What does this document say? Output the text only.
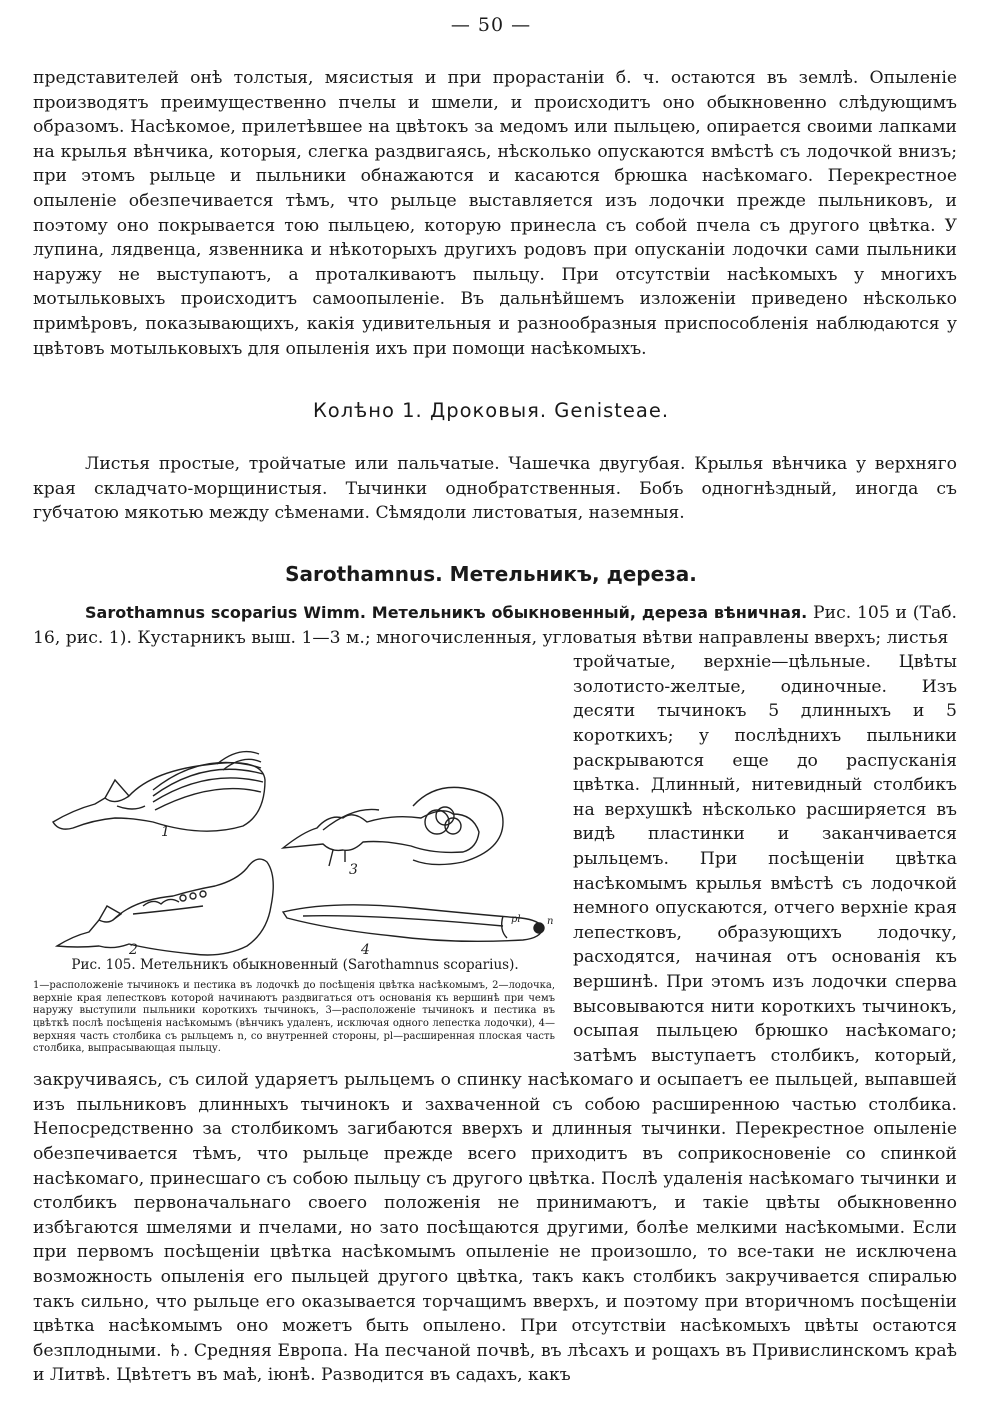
— 50 —

представителей онѣ толстыя, мясистыя и при прорастаніи б. ч. остаются въ землѣ. Опыленіе производятъ преимущественно пчелы и шмели, и происходитъ оно обыкновенно слѣдующимъ образомъ. Насѣкомое, прилетѣвшее на цвѣтокъ за медомъ или пыльцею, опирается своими лапками на крылья вѣнчика, которыя, слегка раздвигаясь, нѣсколько опускаются вмѣстѣ съ лодочкой внизъ; при этомъ рыльце и пыльники обнажаются и касаются брюшка насѣкомаго. Перекрестное опыленіе обезпечивается тѣмъ, что рыльце выставляется изъ лодочки прежде пыльниковъ, и поэтому оно покрывается тою пыльцею, которую принесла съ собой пчела съ другого цвѣтка. У лупина, лядвенца, язвенника и нѣкоторыхъ другихъ родовъ при опусканіи лодочки сами пыльники наружу не выступаютъ, а проталкиваютъ пыльцу. При отсутствіи насѣкомыхъ у многихъ мотыльковыхъ происходитъ самоопыленіе. Въ дальнѣйшемъ изложеніи приведено нѣсколько примѣровъ, показывающихъ, какія удивительныя и разнообразныя приспособленія наблюдаются у цвѣтовъ мотыльковыхъ для опыленія ихъ при помощи насѣкомыхъ.

Колѣно 1. Дроковыя. Genisteae.

Листья простые, тройчатые или пальчатые. Чашечка двугубая. Крылья вѣнчика у верхняго края складчато-морщинистыя. Тычинки однобратственныя. Бобъ одногнѣздный, иногда съ губчатою мякотью между сѣменами. Сѣмядоли листоватыя, наземныя.

Sarothamnus. Метельникъ, дереза.

Sarothamnus scoparius Wimm. Метельникъ обыкновенный, дереза вѣничная. Рис. 105 и (Таб. 16, рис. 1). Кустарникъ выш. 1—3 м.; многочисленныя, угловатыя вѣтви направлены вверхъ; листья

1
3
2	4
pl	n
Рис. 105. Метельникъ обыкновенный (Sarothamnus scoparius).
1—расположеніе тычинокъ и пестика въ лодочкѣ до посѣщенія цвѣтка насѣкомымъ, 2—лодочка, верхніе края лепестковъ которой начинаютъ раздвигаться отъ основанія къ вершинѣ при чемъ наружу выступили пыльники короткихъ тычинокъ, 3—расположеніе тычинокъ и пестика въ цвѣткѣ послѣ посѣщенія насѣкомымъ (вѣнчикъ удаленъ, исключая одного лепестка лодочки), 4—верхняя часть столбика съ рыльцемъ n, со внутренней стороны, pl—расширенная плоская часть столбика, выпрасывающая пыльцу.

тройчатые, верхніе—цѣльные. Цвѣты золотисто-желтые, одиночные. Изъ десяти тычинокъ 5 длинныхъ и 5 короткихъ; у послѣднихъ пыльники раскрываются еще до распусканія цвѣтка. Длинный, нитевидный столбикъ на верхушкѣ нѣсколько расширяется въ видѣ пластинки и заканчивается рыльцемъ. При посѣщеніи цвѣтка насѣкомымъ крылья вмѣстѣ съ лодочкой немного опускаются, отчего верхніе края лепестковъ, образующихъ лодочку, расходятся, начиная отъ основанія къ вершинѣ. При этомъ изъ лодочки сперва высовываются нити короткихъ тычинокъ, осыпая пыльцею брюшко насѣкомаго; затѣмъ выступаетъ столбикъ, который, закручиваясь, съ силой ударяетъ рыльцемъ о спинку насѣкомаго и осыпаетъ ее пыльцей, выпавшей изъ пыльниковъ длинныхъ тычинокъ и захваченной съ собою расширенною частью столбика. Непосредственно за столбикомъ загибаются вверхъ и длинныя тычинки. Перекрестное опыленіе обезпечивается тѣмъ, что рыльце прежде всего приходитъ въ соприкосновеніе со спинкой насѣкомаго, принесшаго съ собою пыльцу съ другого цвѣтка. Послѣ удаленія насѣкомаго тычинки и столбикъ первоначальнаго своего положенія не принимаютъ, и такіе цвѣты обыкновенно избѣгаются шмелями и пчелами, но зато посѣщаются другими, болѣе мелкими насѣкомыми. Если при первомъ посѣщеніи цвѣтка насѣкомымъ опыленіе не произошло, то все-таки не исключена возможность опыленія его пыльцей другого цвѣтка, такъ какъ столбикъ закручивается спиралью такъ сильно, что рыльце его оказывается торчащимъ вверхъ, и поэтому при вторичномъ посѣщеніи цвѣтка насѣкомымъ оно можетъ быть опылено. При отсутствіи насѣкомыхъ цвѣты остаются безплодными. ♄. Средняя Европа. На песчаной почвѣ, въ лѣсахъ и рощахъ въ Привислинскомъ краѣ и Литвѣ. Цвѣтетъ въ маѣ, іюнѣ. Разводится въ садахъ, какъ
